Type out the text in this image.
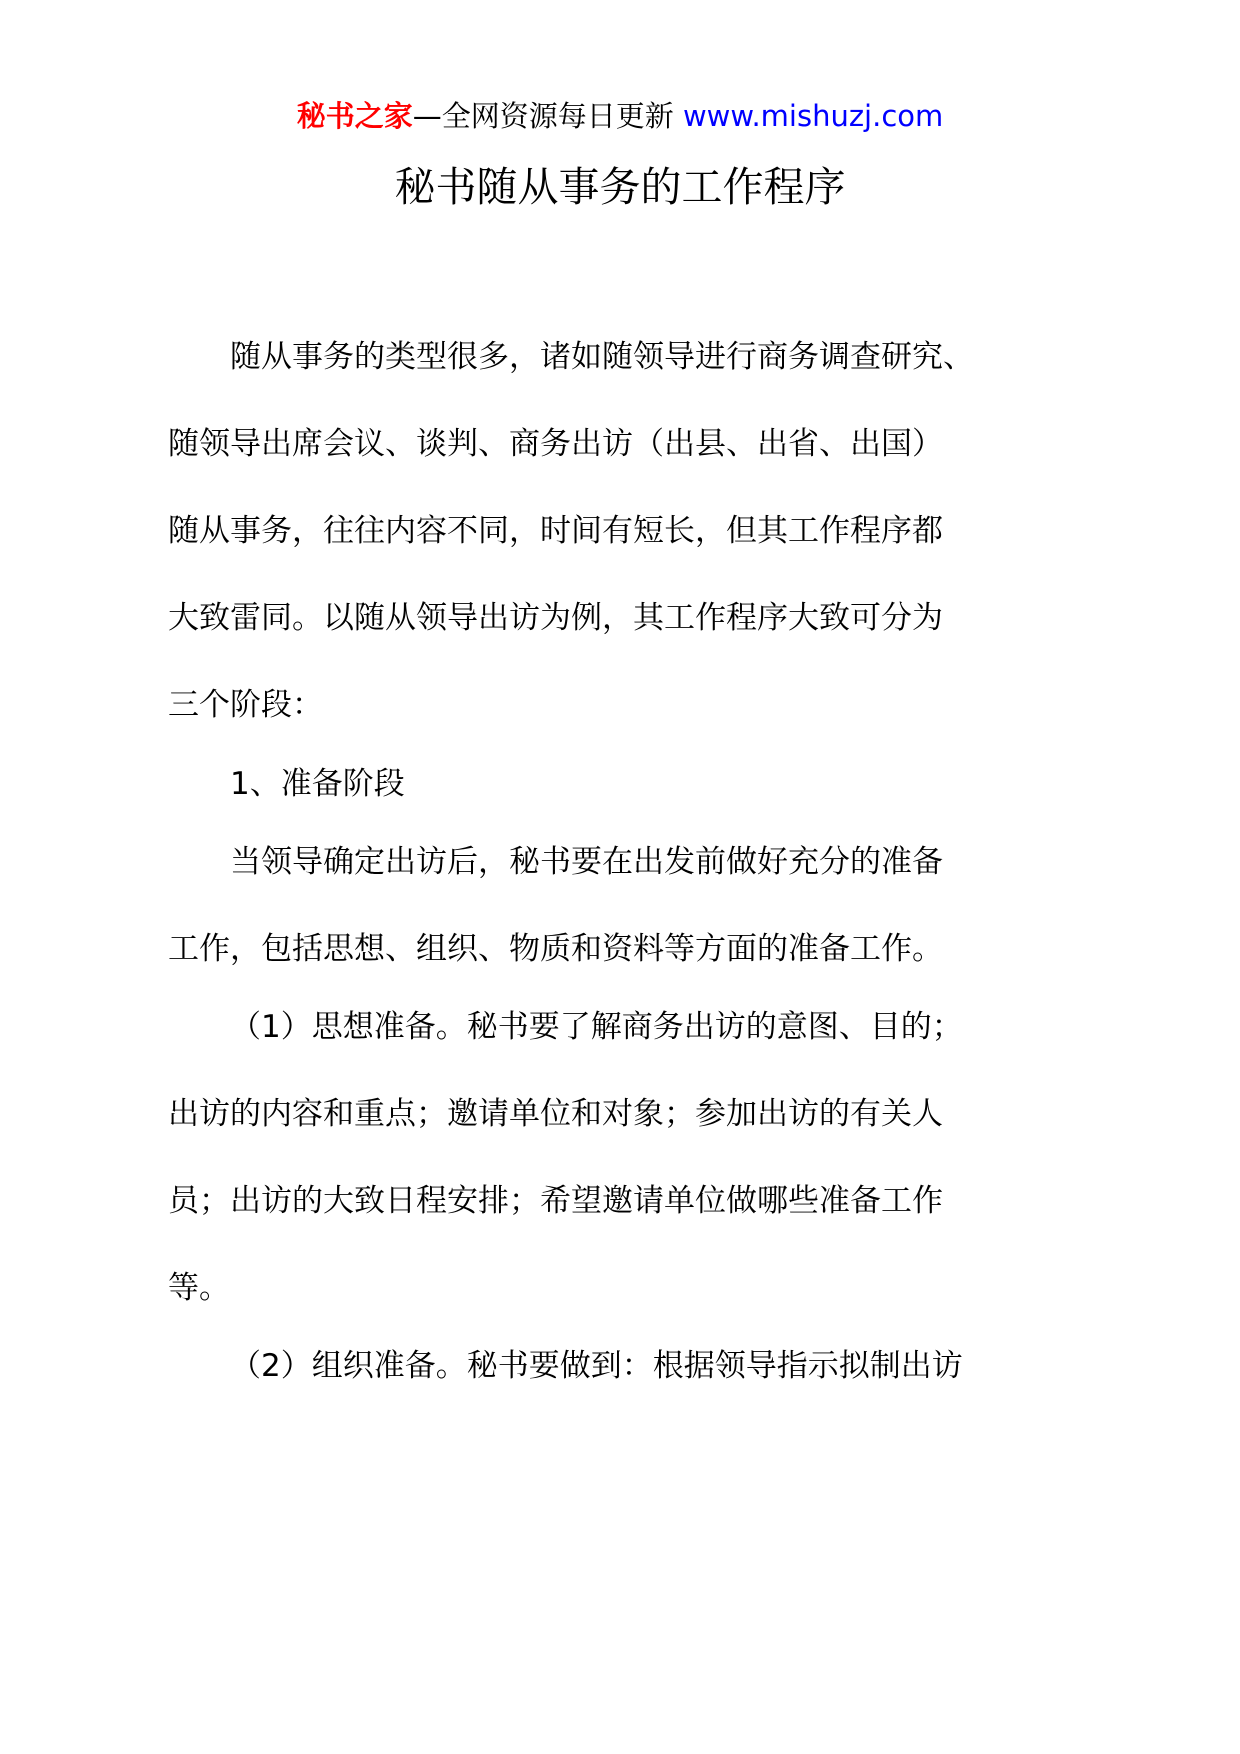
秘书之家—全网资源每日更新 www.mishuzj.com
秘书随从事务的工作程序
随从事务的类型很多，诸如随领导进行商务调查研究、
随领导出席会议、谈判、商务出访（出县、出省、出国）
随从事务，往往内容不同，时间有短长，但其工作程序都
大致雷同。以随从领导出访为例，其工作程序大致可分为
三个阶段：
1、准备阶段
当领导确定出访后，秘书要在出发前做好充分的准备
工作，包括思想、组织、物质和资料等方面的准备工作。
（1）思想准备。秘书要了解商务出访的意图、目的；
出访的内容和重点；邀请单位和对象；参加出访的有关人
员；出访的大致日程安排；希望邀请单位做哪些准备工作
等。
（2）组织准备。秘书要做到：根据领导指示拟制出访
